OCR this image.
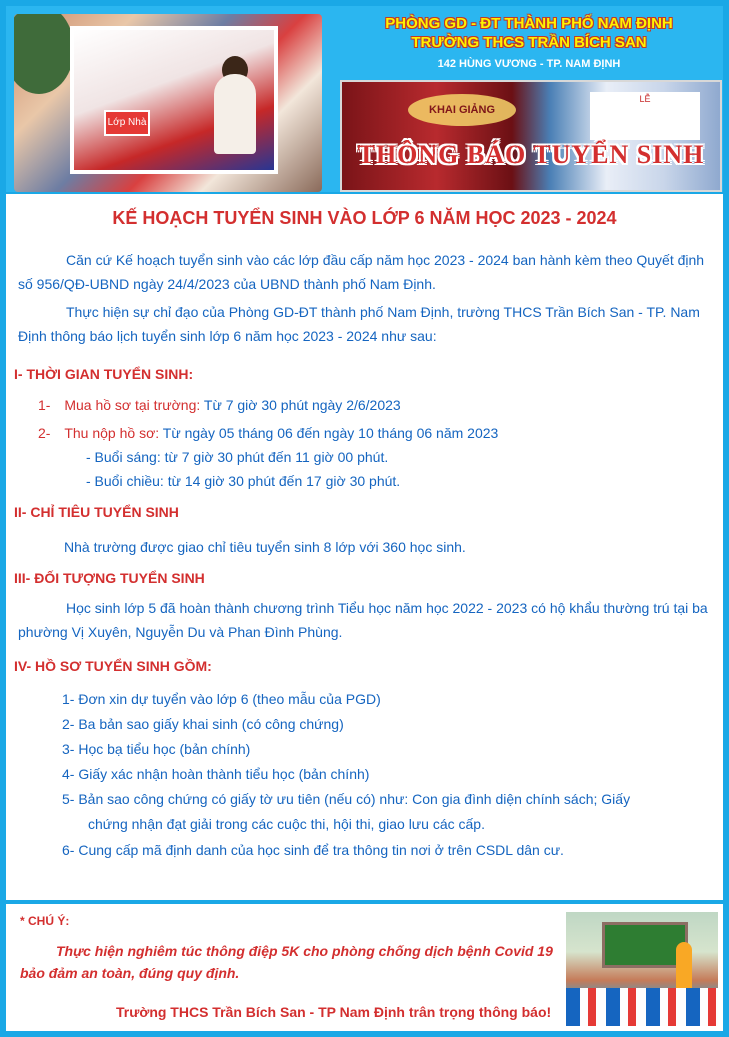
Lớp Nhà
PHÒNG GD - ĐT THÀNH PHỐ NAM ĐỊNH
TRƯỜNG THCS TRẦN BÍCH SAN
142 HÙNG VƯƠNG - TP. NAM ĐỊNH
KHAI GIẢNG
LỄ
THÔNG BÁO TUYỂN SINH
KẾ HOẠCH TUYỂN SINH VÀO LỚP 6 NĂM HỌC 2023 - 2024
Căn cứ Kế hoạch tuyển sinh vào các lớp đầu cấp năm học 2023 - 2024 ban hành kèm theo Quyết định số 956/QĐ-UBND ngày 24/4/2023 của UBND thành phố Nam Định.
Thực hiện sự chỉ đạo của Phòng GD-ĐT thành phố Nam Định, trường THCS Trần Bích San - TP. Nam Định thông báo lịch tuyển sinh lớp 6 năm học 2023 - 2024 như sau:
I- THỜI GIAN TUYỂN SINH:
1- Mua hồ sơ tại trường: Từ 7 giờ 30 phút ngày 2/6/2023
2- Thu nộp hồ sơ: Từ ngày 05 tháng 06 đến ngày 10 tháng 06 năm 2023
- Buổi sáng: từ 7 giờ 30 phút đến 11 giờ 00 phút.
- Buổi chiều: từ 14 giờ 30 phút đến 17 giờ 30 phút.
II- CHỈ TIÊU TUYỂN SINH
Nhà trường được giao chỉ tiêu tuyển sinh 8 lớp với 360 học sinh.
III- ĐỐI TƯỢNG TUYỂN SINH
Học sinh lớp 5 đã hoàn thành chương trình Tiểu học năm học 2022 - 2023 có hộ khẩu thường trú tại ba phường Vị Xuyên, Nguyễn Du và Phan Đình Phùng.
IV- HỒ SƠ TUYỂN SINH GỒM:
1- Đơn xin dự tuyển vào lớp 6 (theo mẫu của PGD)
2- Ba bản sao giấy khai sinh (có công chứng)
3- Học bạ tiểu học (bản chính)
4- Giấy xác nhận hoàn thành tiểu học (bản chính)
5- Bản sao công chứng có giấy tờ ưu tiên (nếu có) như: Con gia đình diện chính sách; Giấy
chứng nhận đạt giải trong các cuộc thi, hội thi, giao lưu các cấp.
6- Cung cấp mã định danh của học sinh để tra thông tin nơi ở trên CSDL dân cư.
* CHÚ Ý:
Thực hiện nghiêm túc thông điệp 5K cho phòng chống dịch bệnh Covid 19 bảo đảm an toàn, đúng quy định.
Trường THCS Trần Bích San - TP Nam Định trân trọng thông báo!
